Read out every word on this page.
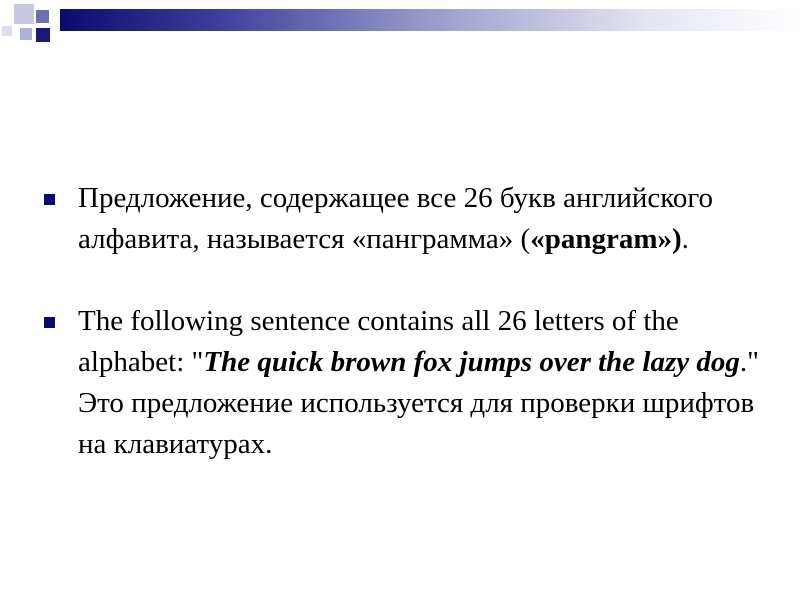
Предложение, содержащее все 26 букв английского алфавита, называется «панграмма» («pangram»).
The following sentence contains all 26 letters of the alphabet: "The quick brown fox jumps over the lazy dog." Это предложение используется для проверки шрифтов на клавиатурах.
